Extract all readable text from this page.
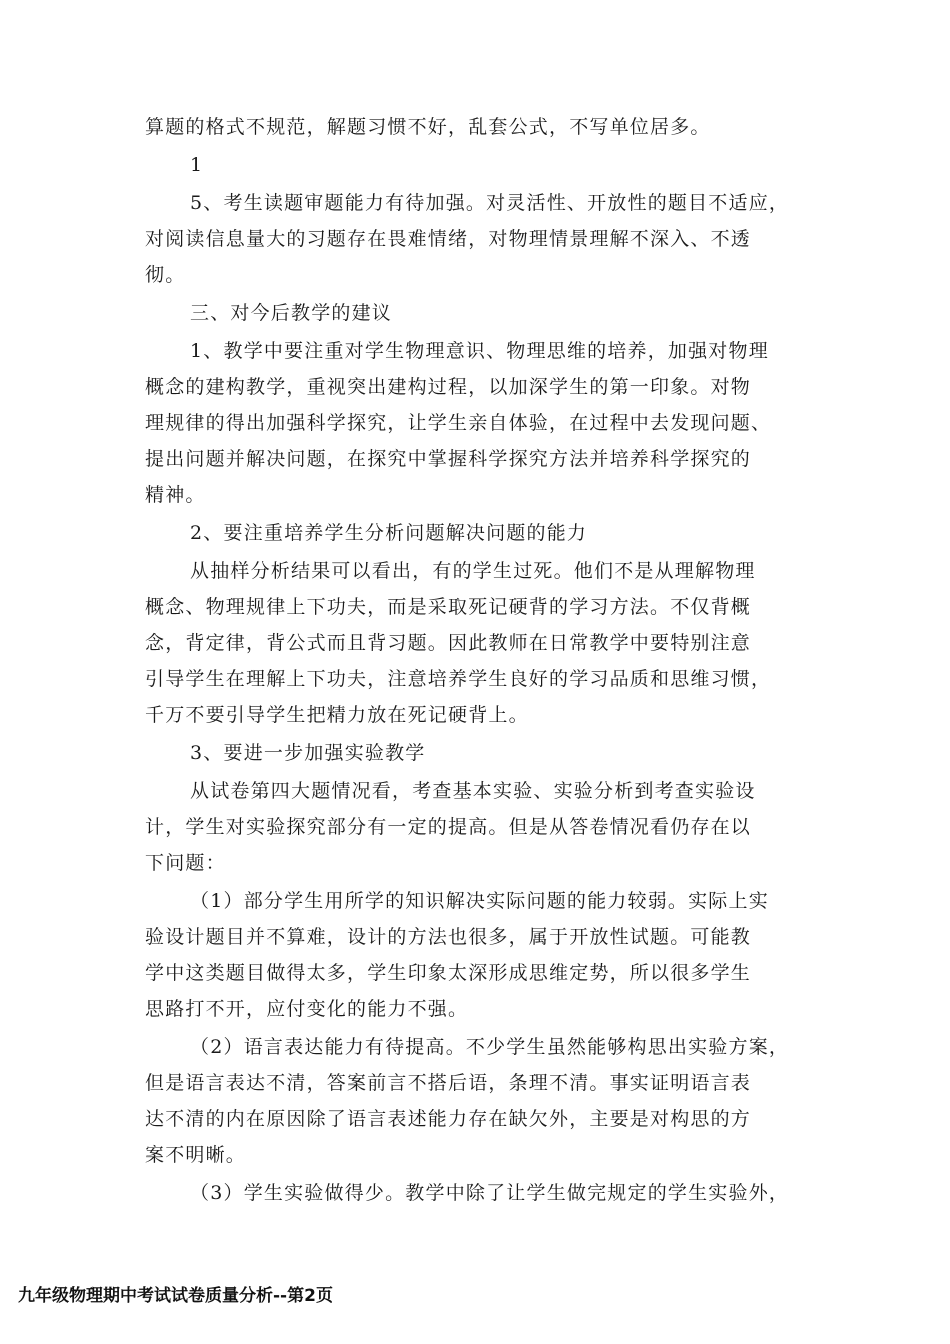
算题的格式不规范，解题习惯不好，乱套公式，不写单位居多。
1
5、考生读题审题能力有待加强。对灵活性、开放性的题目不适应，
对阅读信息量大的习题存在畏难情绪，对物理情景理解不深入、不透
彻。
三、对今后教学的建议
1、教学中要注重对学生物理意识、物理思维的培养，加强对物理
概念的建构教学，重视突出建构过程，以加深学生的第一印象。对物
理规律的得出加强科学探究，让学生亲自体验，在过程中去发现问题、
提出问题并解决问题，在探究中掌握科学探究方法并培养科学探究的
精神。
2、要注重培养学生分析问题解决问题的能力
从抽样分析结果可以看出，有的学生过死。他们不是从理解物理
概念、物理规律上下功夫，而是采取死记硬背的学习方法。不仅背概
念，背定律，背公式而且背习题。因此教师在日常教学中要特别注意
引导学生在理解上下功夫，注意培养学生良好的学习品质和思维习惯，
千万不要引导学生把精力放在死记硬背上。
3、要进一步加强实验教学
从试卷第四大题情况看，考查基本实验、实验分析到考查实验设
计，学生对实验探究部分有一定的提高。但是从答卷情况看仍存在以
下问题：
（1）部分学生用所学的知识解决实际问题的能力较弱。实际上实
验设计题目并不算难，设计的方法也很多，属于开放性试题。可能教
学中这类题目做得太多，学生印象太深形成思维定势，所以很多学生
思路打不开，应付变化的能力不强。
（2）语言表达能力有待提高。不少学生虽然能够构思出实验方案，
但是语言表达不清，答案前言不搭后语，条理不清。事实证明语言表
达不清的内在原因除了语言表述能力存在缺欠外，主要是对构思的方
案不明晰。
（3）学生实验做得少。教学中除了让学生做完规定的学生实验外，
九年级物理期中考试试卷质量分析--第2页
